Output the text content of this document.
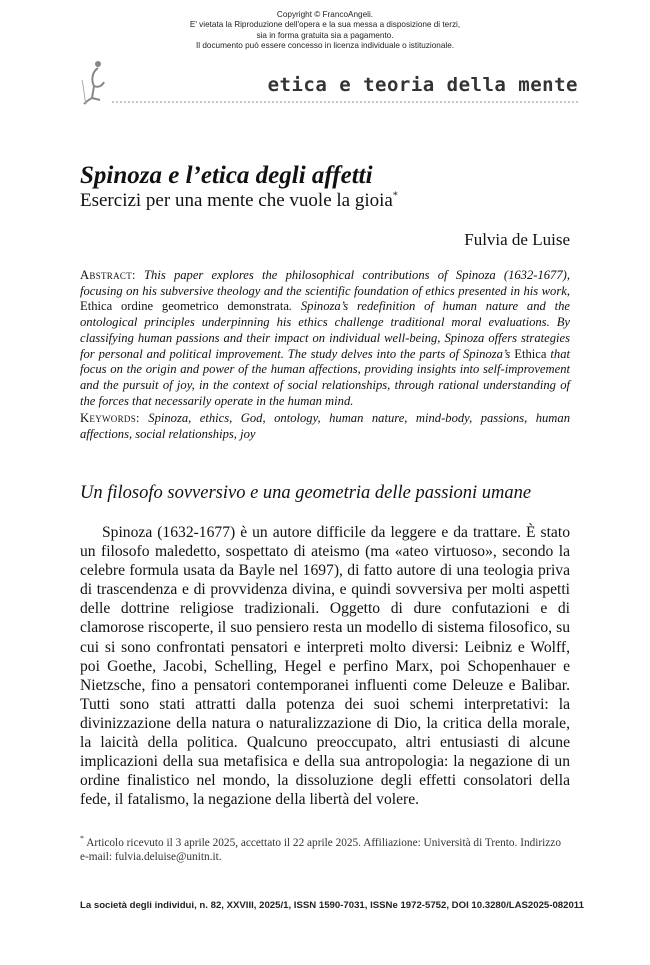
Copyright © FrancoAngeli.
E' vietata la Riproduzione dell'opera e la sua messa a disposizione di terzi,
sia in forma gratuita sia a pagamento.
Il documento può essere concesso in licenza individuale o istituzionale.
etica e teoria della mente
Spinoza e l’etica degli affetti
Esercizi per una mente che vuole la gioia*
Fulvia de Luise

Abstract: This paper explores the philosophical contributions of Spinoza (1632-1677), focusing on his subversive theology and the scientific foundation of ethics presented in his work, Ethica ordine geometrico demonstrata. Spinoza’s redefinition of human nature and the ontological principles underpinning his ethics challenge traditional moral evaluations. By classifying human passions and their impact on individual well-being, Spinoza offers strategies for personal and political improvement. The study delves into the parts of Spinoza’s Ethica that focus on the origin and power of the human affections, providing insights into self-improvement and the pursuit of joy, in the context of social relationships, through rational understanding of the forces that necessarily operate in the human mind.

Keywords: Spinoza, ethics, God, ontology, human nature, mind-body, passions, human affections, social relationships, joy

Un filosofo sovversivo e una geometria delle passioni umane

Spinoza (1632-1677) è un autore difficile da leggere e da trattare. È stato un filosofo maledetto, sospettato di ateismo (ma «ateo virtuoso», secondo la celebre formula usata da Bayle nel 1697), di fatto autore di una teologia priva di trascendenza e di provvidenza divina, e quindi sovversiva per molti aspetti delle dottrine religiose tradizionali. Oggetto di dure confutazioni e di clamorose riscoperte, il suo pensiero resta un modello di sistema filosofico, su cui si sono confrontati pensatori e interpreti molto diversi: Leibniz e Wolff, poi Goethe, Jacobi, Schelling, Hegel e perfino Marx, poi Schopenhauer e Nietzsche, fino a pensatori contemporanei influenti come Deleuze e Balibar. Tutti sono stati attratti dalla potenza dei suoi schemi interpretativi: la divinizzazione della natura o naturalizzazione di Dio, la critica della morale, la laicità della politica. Qualcuno preoccupato, altri entusiasti di alcune implicazioni della sua metafisica e della sua antropologia: la negazione di un ordine finalistico nel mondo, la dissoluzione degli effetti consolatori della fede, il fatalismo, la negazione della libertà del volere.

* Articolo ricevuto il 3 aprile 2025, accettato il 22 aprile 2025. Affiliazione: Università di Trento. Indirizzo e-mail: fulvia.deluise@unitn.it.

La società degli individui, n. 82, XXVIII, 2025/1, ISSN 1590-7031, ISSNe 1972-5752, DOI 10.3280/LAS2025-082011
